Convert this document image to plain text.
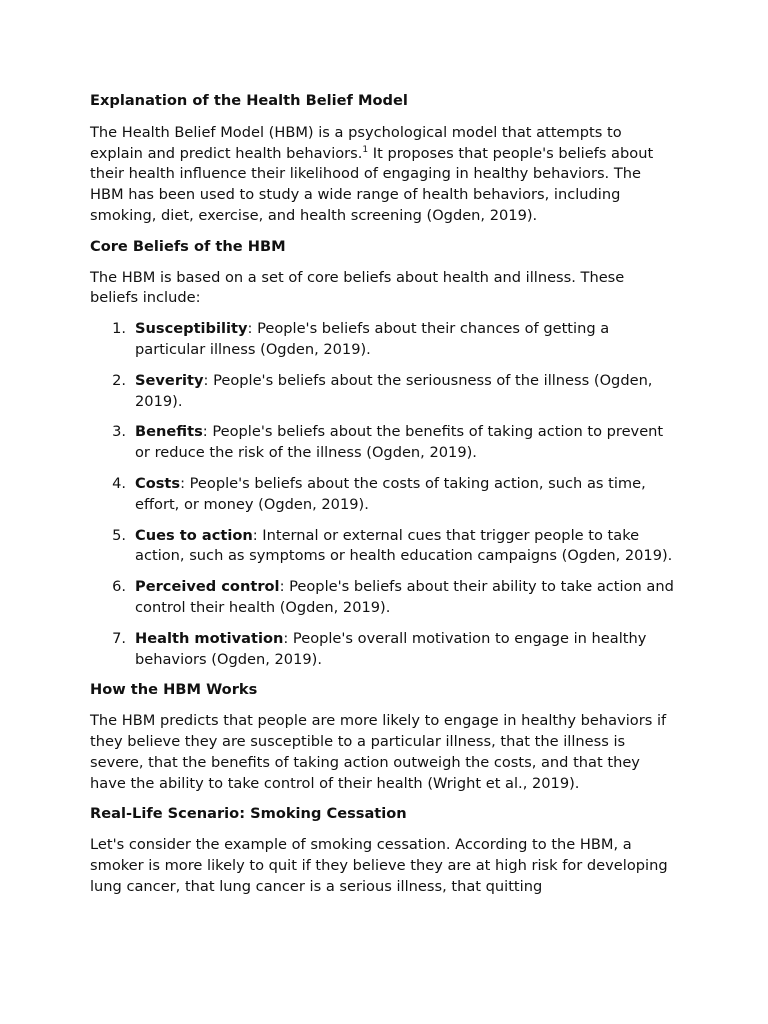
Explanation of the Health Belief Model

The Health Belief Model (HBM) is a psychological model that attempts to explain and predict health behaviors.$^1$ It proposes that people's beliefs about their health influence their likelihood of engaging in healthy behaviors. The HBM has been used to study a wide range of health behaviors, including smoking, diet, exercise, and health screening (Ogden, 2019).

Core Beliefs of the HBM

The HBM is based on a set of core beliefs about health and illness. These beliefs include:

1. Susceptibility: People's beliefs about their chances of getting a particular illness (Ogden, 2019).
2. Severity: People's beliefs about the seriousness of the illness (Ogden, 2019).
3. Benefits: People's beliefs about the benefits of taking action to prevent or reduce the risk of the illness (Ogden, 2019).
4. Costs: People's beliefs about the costs of taking action, such as time, effort, or money (Ogden, 2019).
5. Cues to action: Internal or external cues that trigger people to take action, such as symptoms or health education campaigns (Ogden, 2019).
6. Perceived control: People's beliefs about their ability to take action and control their health (Ogden, 2019).
7. Health motivation: People's overall motivation to engage in healthy behaviors (Ogden, 2019).
How the HBM Works

The HBM predicts that people are more likely to engage in healthy behaviors if they believe they are susceptible to a particular illness, that the illness is severe, that the benefits of taking action outweigh the costs, and that they have the ability to take control of their health (Wright et al., 2019).

Real-Life Scenario: Smoking Cessation

Let's consider the example of smoking cessation. According to the HBM, a smoker is more likely to quit if they believe they are at high risk for developing lung cancer, that lung cancer is a serious illness, that quitting
